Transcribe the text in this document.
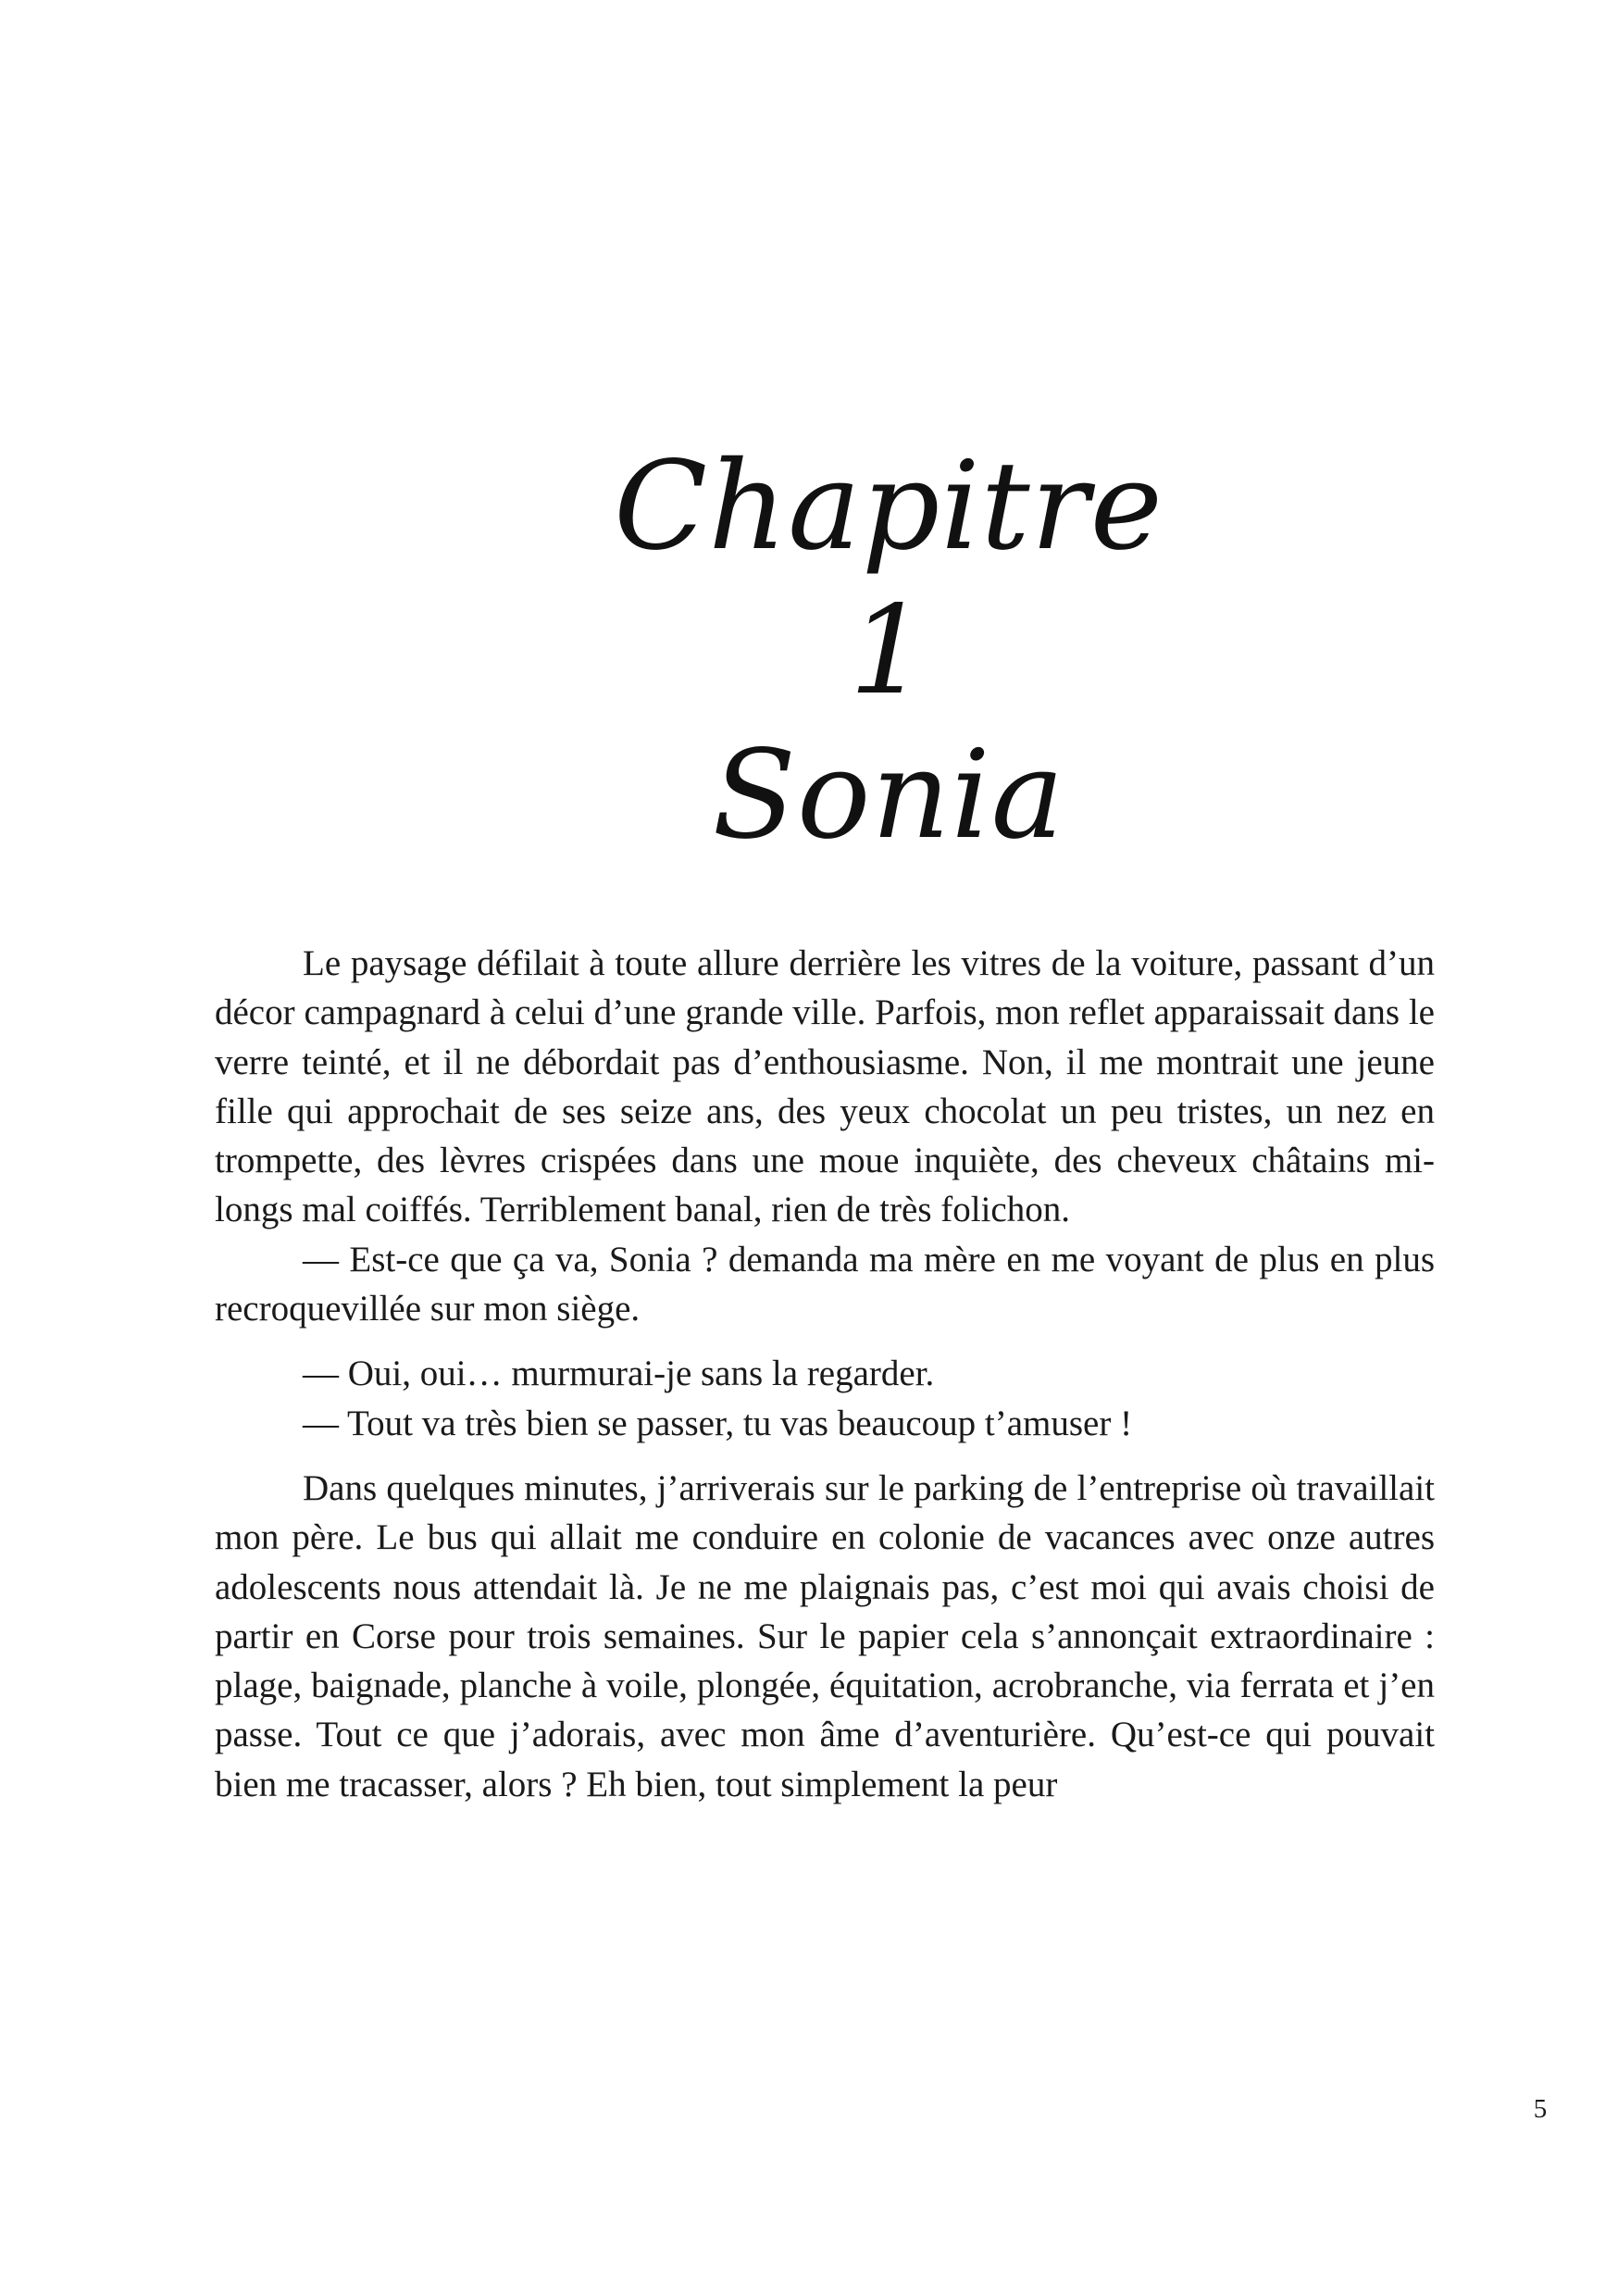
Chapitre 1
Sonia

Le paysage défilait à toute allure derrière les vitres de la voiture, passant d’un décor campagnard à celui d’une grande ville. Parfois, mon reflet apparaissait dans le verre teinté, et il ne débordait pas d’enthousiasme. Non, il me montrait une jeune fille qui approchait de ses seize ans, des yeux chocolat un peu tristes, un nez en trompette, des lèvres crispées dans une moue inquiète, des cheveux châtains mi-longs mal coiffés. Terriblement banal, rien de très folichon.

— Est-ce que ça va, Sonia ? demanda ma mère en me voyant de plus en plus recroquevillée sur mon siège.

— Oui, oui… murmurai-je sans la regarder.

— Tout va très bien se passer, tu vas beaucoup t’amuser !

Dans quelques minutes, j’arriverais sur le parking de l’entreprise où travaillait mon père. Le bus qui allait me conduire en colonie de vacances avec onze autres adolescents nous attendait là. Je ne me plaignais pas, c’est moi qui avais choisi de partir en Corse pour trois semaines. Sur le papier cela s’annonçait extraordinaire : plage, baignade, planche à voile, plongée, équitation, acrobranche, via ferrata et j’en passe. Tout ce que j’adorais, avec mon âme d’aventurière. Qu’est-ce qui pouvait bien me tracasser, alors ? Eh bien, tout simplement la peur

5
